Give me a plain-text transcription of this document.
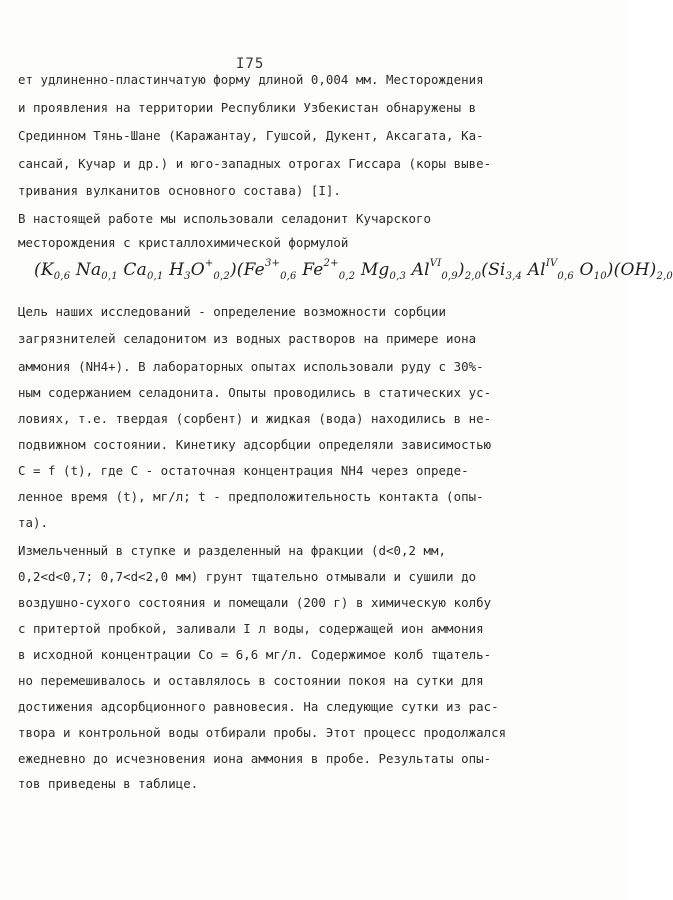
I75
ет удлиненно-пластинчатую форму длиной 0,004 мм. Месторождения
и проявления на территории Республики Узбекистан обнаружены в
Срединном Тянь-Шане (Каражантау, Гушсой, Дукент, Аксагата, Ка-
сансай, Кучар и др.) и юго-западных отрогах Гиссара (коры выве-
тривания вулканитов основного состава) [I].
В настоящей работе мы использовали селадонит Кучарского
месторождения с кристаллохимической формулой
($K_{0,6}$ $Na_{0,1}$ $Ca_{0,1}$ $H_3O^+_{0,2})(Fe^{3+}_{0,6}$ $Fe^{2+}_{0,2}$ $Mg_{0,3}$ $Al^{VI}_{0,9})_{2,0}(Si_{3,4}$ $Al^{IV}_{0,6}$ $O_{10})(OH)_{2,0}$
Цель наших исследований - определение возможности сорбции
загрязнителей селадонитом из водных растворов на примере иона
аммония (NH4+). В лабораторных опытах использовали руду с 30%-
ным содержанием селадонита. Опыты проводились в статических ус-
ловиях, т.е. твердая (сорбент) и жидкая (вода) находились в не-
подвижном состоянии. Кинетику адсорбции определяли зависимостью
C = f (t), где С - остаточная концентрация NH4 через опреде-
ленное время (t), мг/л; t - предположительность контакта (опы-
та).
Измельченный в ступке и разделенный на фракции (d<0,2 мм,
0,2<d<0,7; 0,7<d<2,0 мм) грунт тщательно отмывали и сушили до
воздушно-сухого состояния и помещали (200 г) в химическую колбу
с притертой пробкой, заливали I л воды, содержащей ион аммония
в исходной концентрации Со = 6,6 мг/л. Содержимое колб тщатель-
но перемешивалось и оставлялось в состоянии покоя на сутки для
достижения адсорбционного равновесия. На следующие сутки из рас-
твора и контрольной воды отбирали пробы. Этот процесс продолжался
ежедневно до исчезновения иона аммония в пробе. Результаты опы-
тов приведены в таблице.
